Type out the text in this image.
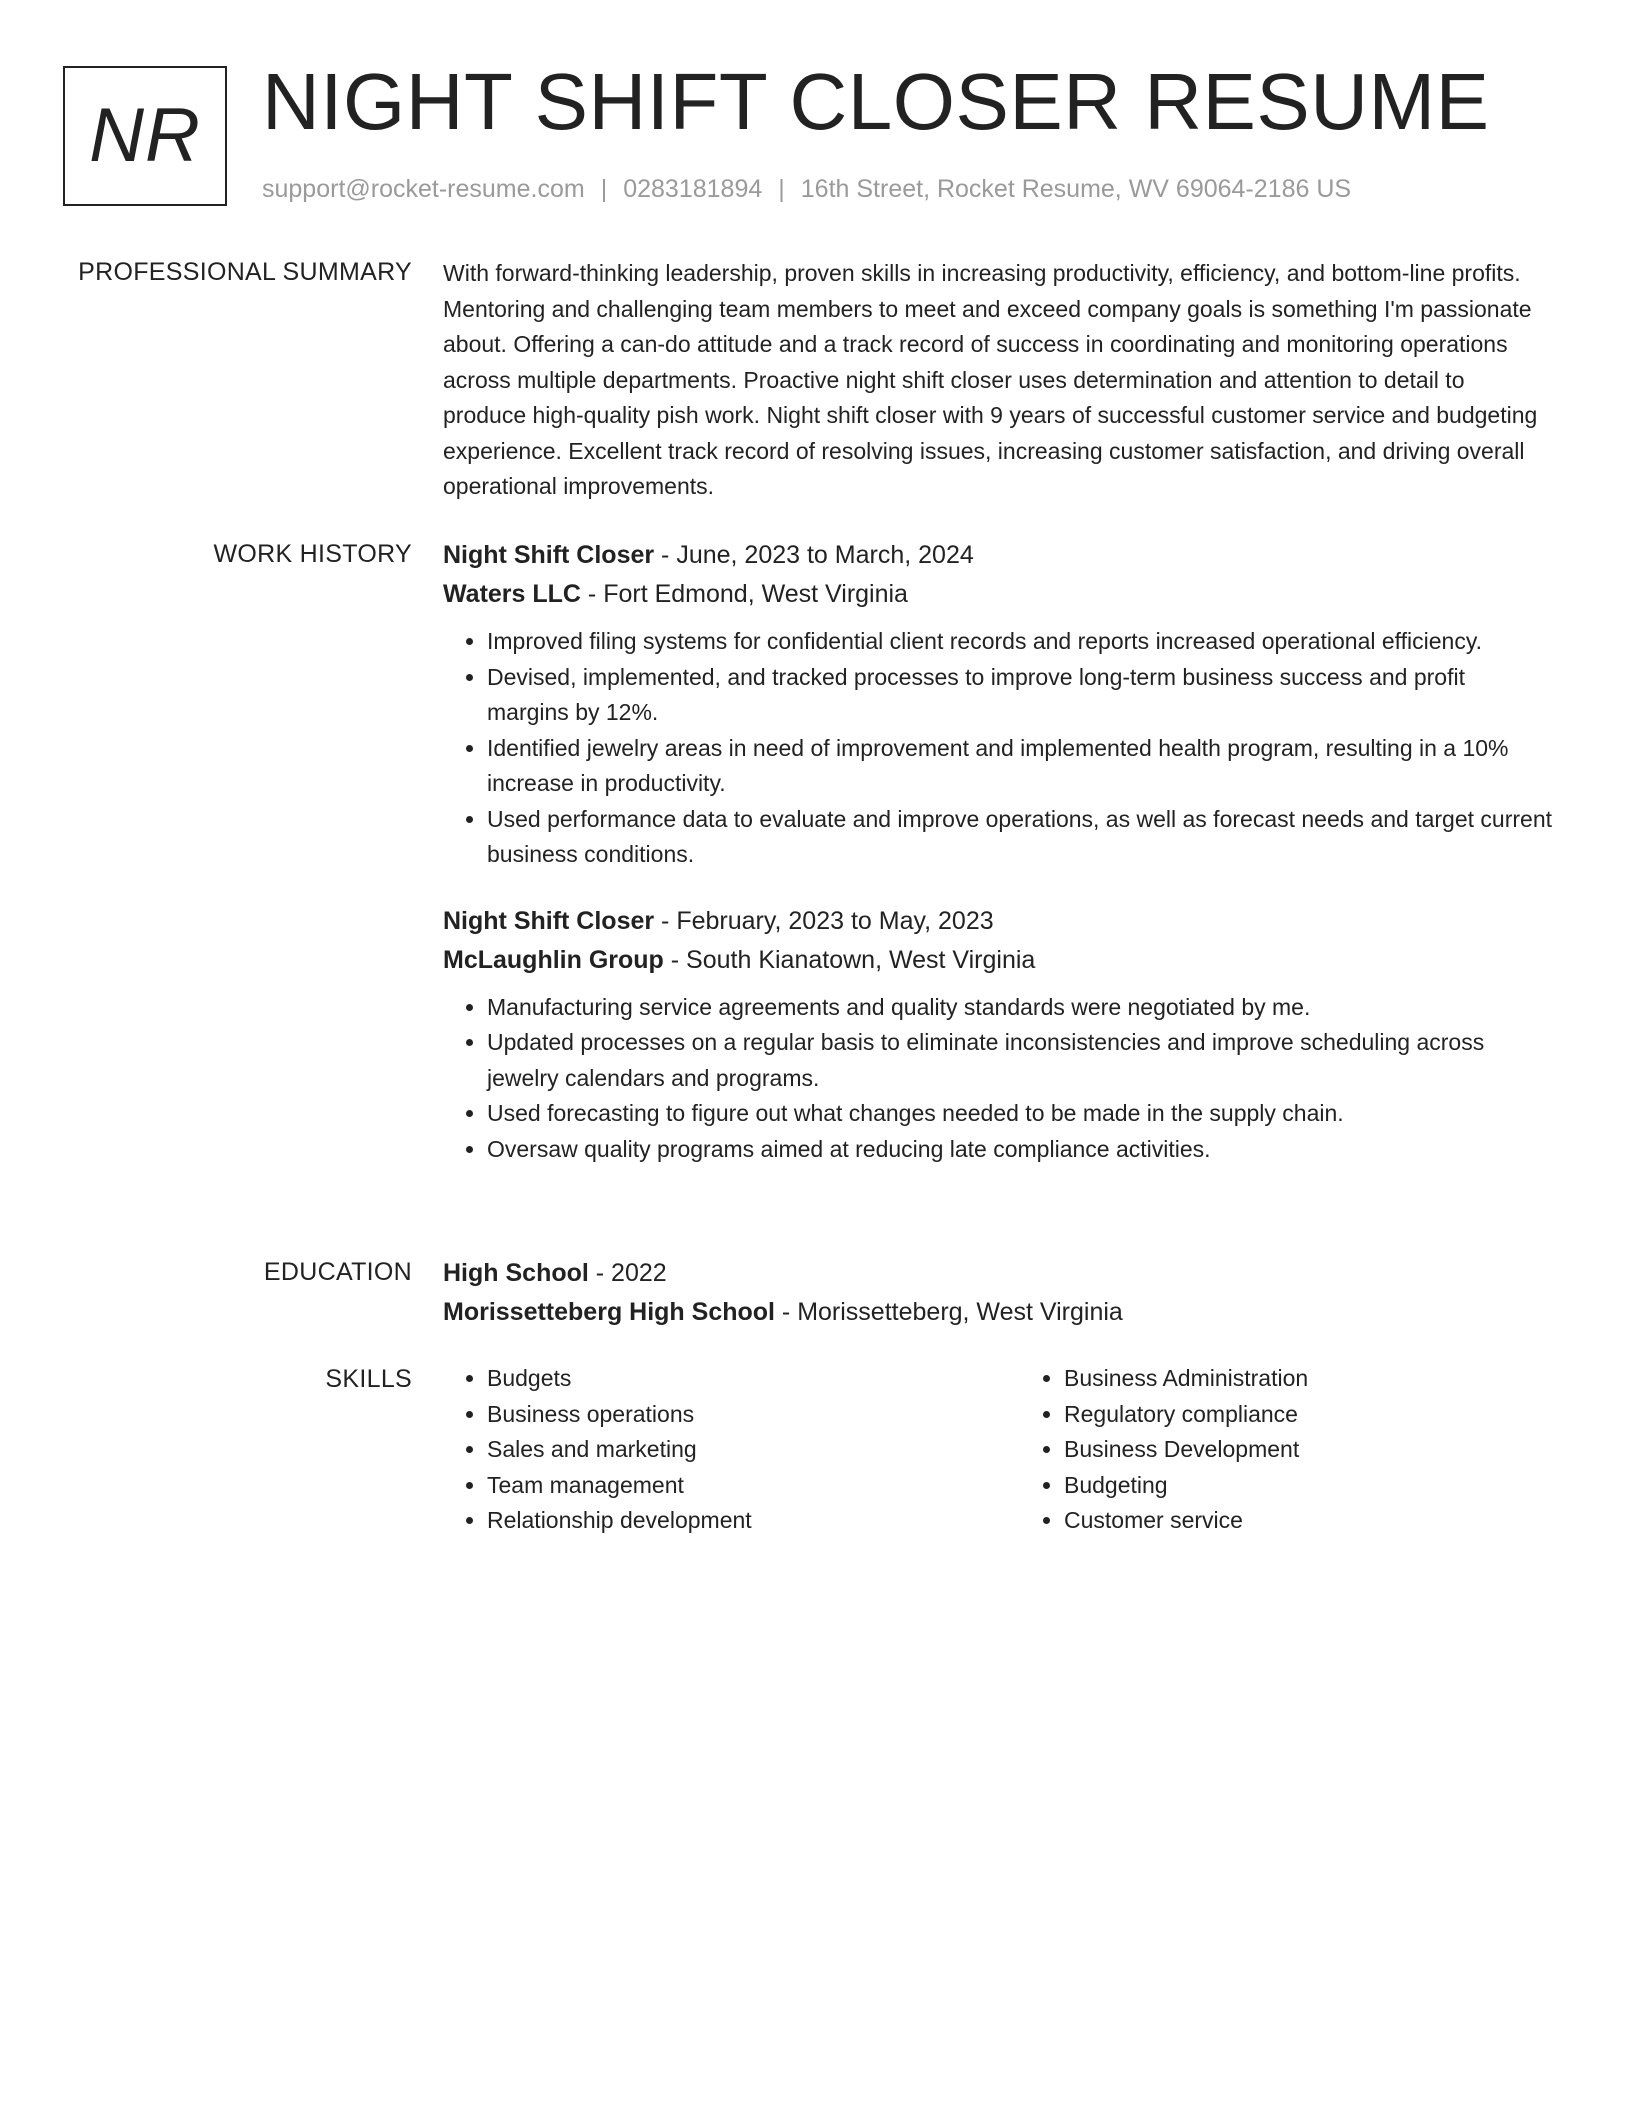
NR NIGHT SHIFT CLOSER RESUME
support@rocket-resume.com | 0283181894 | 16th Street, Rocket Resume, WV 69064-2186 US
PROFESSIONAL SUMMARY With forward-thinking leadership, proven skills in increasing productivity, efficiency, and bottom-line profits. Mentoring and challenging team members to meet and exceed company goals is something I'm passionate about. Offering a can-do attitude and a track record of success in coordinating and monitoring operations across multiple departments. Proactive night shift closer uses determination and attention to detail to produce high-quality pish work. Night shift closer with 9 years of successful customer service and budgeting experience. Excellent track record of resolving issues, increasing customer satisfaction, and driving overall operational improvements.

WORK HISTORY Night Shift Closer - June, 2023 to March, 2024
Waters LLC - Fort Edmond, West Virginia
• Improved filing systems for confidential client records and reports increased operational efficiency.
• Devised, implemented, and tracked processes to improve long-term business success and profit margins by 12%.
• Identified jewelry areas in need of improvement and implemented health program, resulting in a 10% increase in productivity.
• Used performance data to evaluate and improve operations, as well as forecast needs and target current business conditions.
Night Shift Closer - February, 2023 to May, 2023
McLaughlin Group - South Kianatown, West Virginia
• Manufacturing service agreements and quality standards were negotiated by me.
• Updated processes on a regular basis to eliminate inconsistencies and improve scheduling across jewelry calendars and programs.
• Used forecasting to figure out what changes needed to be made in the supply chain.
• Oversaw quality programs aimed at reducing late compliance activities.
EDUCATION High School - 2022
Morissetteberg High School - Morissetteberg, West Virginia
SKILLS
•	Budgets
• Business operations
• Sales and marketing
• Team management
• Relationship development
• Business Administration
• Regulatory compliance
• Business Development
• Budgeting
• Customer service
